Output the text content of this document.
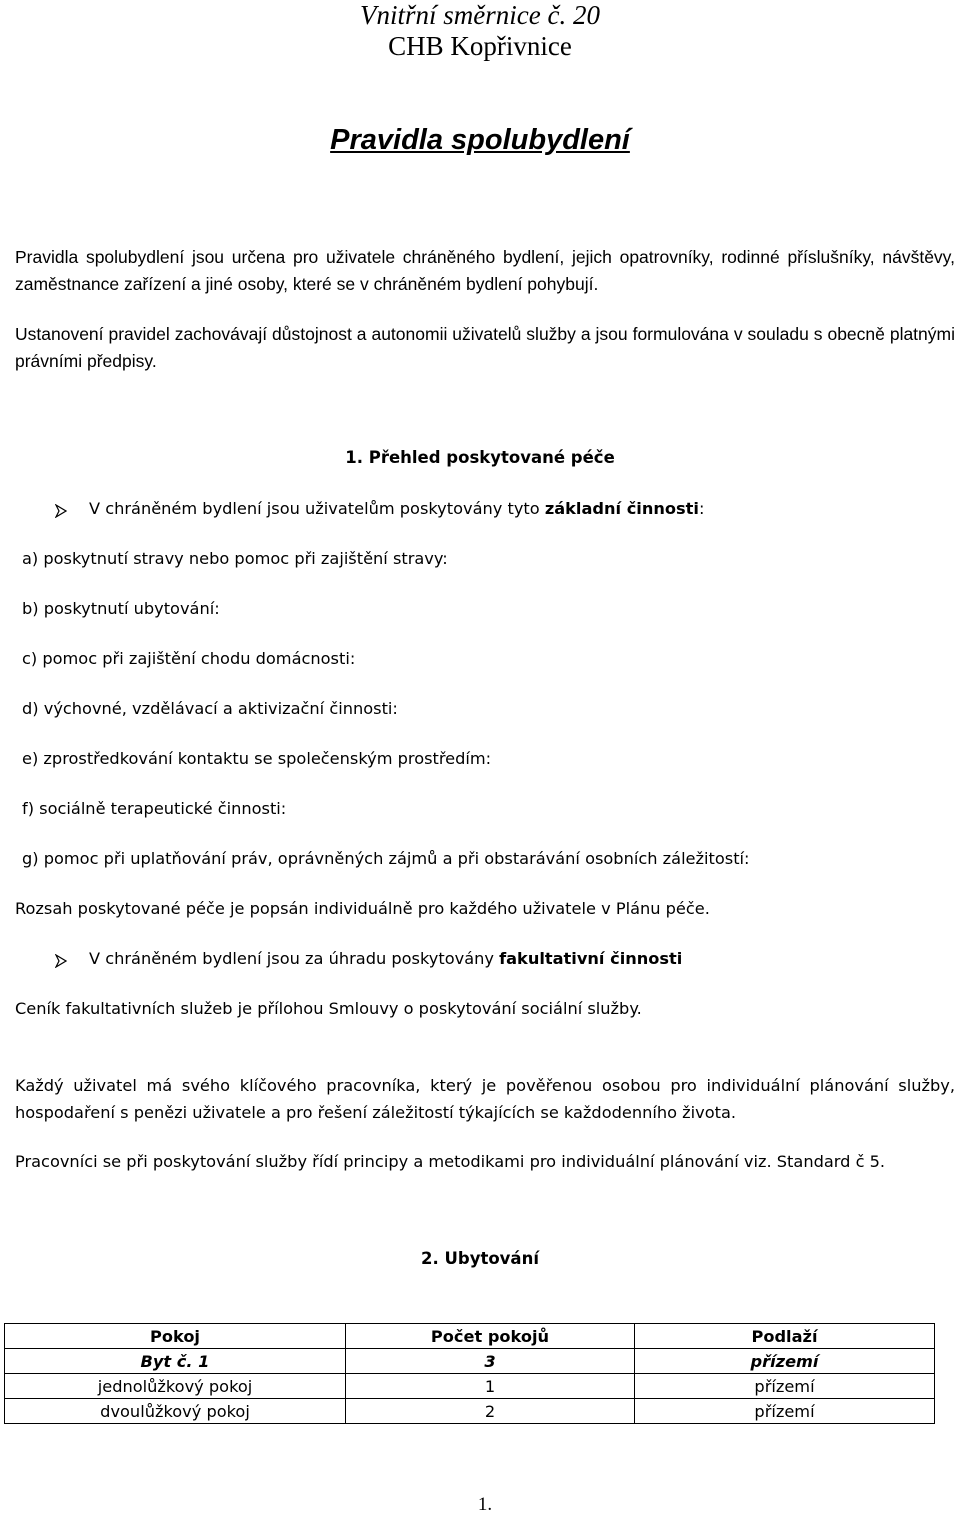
Vnitřní směrnice č. 20
CHB Kopřivnice
Pravidla spolubydlení
Pravidla spolubydlení jsou určena pro uživatele chráněného bydlení, jejich opatrovníky, rodinné příslušníky, návštěvy, zaměstnance zařízení a jiné osoby, které se v chráněném bydlení pohybují.
Ustanovení pravidel zachovávají důstojnost a autonomii uživatelů služby a jsou formulována v souladu s obecně platnými právními předpisy.
1. Přehled poskytované péče
V chráněném bydlení jsou uživatelům poskytovány tyto základní činnosti:
a) poskytnutí stravy nebo pomoc při zajištění stravy:
b) poskytnutí ubytování:
c) pomoc při zajištění chodu domácnosti:
d) výchovné, vzdělávací a aktivizační činnosti:
e) zprostředkování kontaktu se společenským prostředím:
f) sociálně terapeutické činnosti:
g) pomoc při uplatňování práv, oprávněných zájmů a při obstarávání osobních záležitostí:
Rozsah poskytované péče je popsán individuálně pro každého uživatele v Plánu péče.
V chráněném bydlení jsou za úhradu poskytovány fakultativní činnosti
Ceník fakultativních služeb je přílohou Smlouvy o poskytování sociální služby.
Každý uživatel má svého klíčového pracovníka, který je pověřenou osobou pro individuální plánování služby, hospodaření s penězi uživatele a pro řešení záležitostí týkajících se každodenního života.
Pracovníci se při poskytování služby řídí principy a metodikami pro individuální plánování viz. Standard č 5.
2. Ubytování
Pokoj	Počet pokojů	Podlaží
Byt č. 1	3	přízemí
jednolůžkový pokoj	1	přízemí
dvoulůžkový pokoj	2	přízemí
1.
